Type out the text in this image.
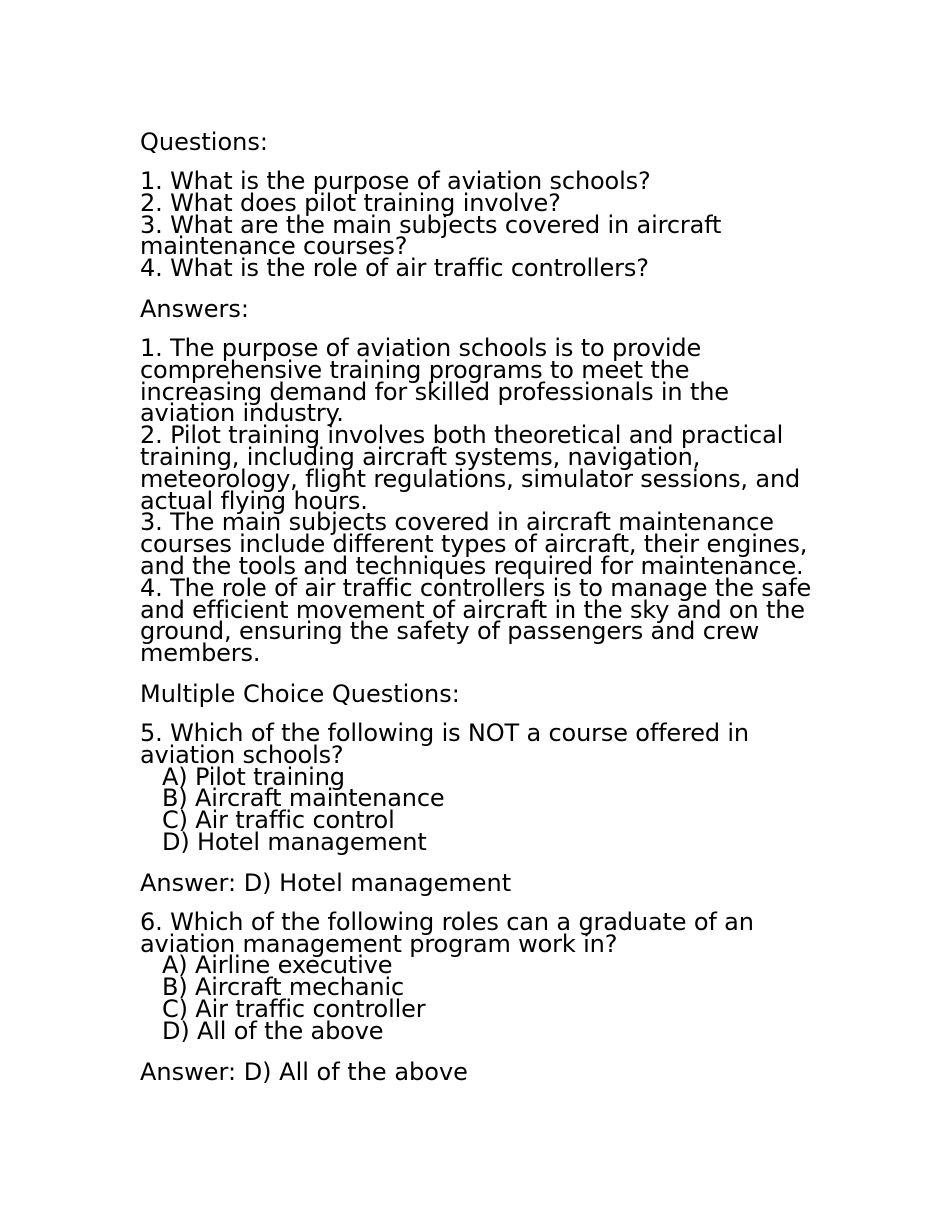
Questions:

1. What is the purpose of aviation schools?
2. What does pilot training involve?
3. What are the main subjects covered in aircraft
maintenance courses?
4. What is the role of air traffic controllers?

Answers:

1. The purpose of aviation schools is to provide
comprehensive training programs to meet the
increasing demand for skilled professionals in the
aviation industry.
2. Pilot training involves both theoretical and practical
training, including aircraft systems, navigation,
meteorology, flight regulations, simulator sessions, and
actual flying hours.
3. The main subjects covered in aircraft maintenance
courses include different types of aircraft, their engines,
and the tools and techniques required for maintenance.
4. The role of air traffic controllers is to manage the safe
and efficient movement of aircraft in the sky and on the
ground, ensuring the safety of passengers and crew
members.

Multiple Choice Questions:

5. Which of the following is NOT a course offered in
aviation schools?
A) Pilot training
B) Aircraft maintenance
C) Air traffic control
D) Hotel management

Answer: D) Hotel management

6. Which of the following roles can a graduate of an
aviation management program work in?
A) Airline executive
B) Aircraft mechanic
C) Air traffic controller
D) All of the above

Answer: D) All of the above
